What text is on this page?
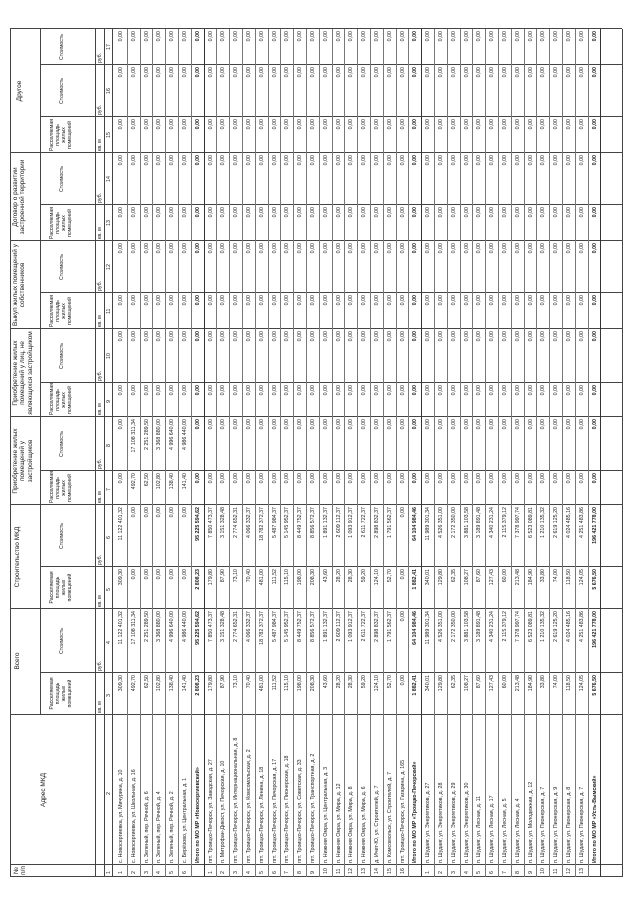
№ п/п
Адрес МКД
Всего
Строительство МКД
Приобретение жилых помещений у застройщиков
Приобретение жилых помещений у лиц, не являющихся застройщиком
Выкуп жилых помещений у собственников
Договор о развитии застроенной территории
Другое
Расселяемая площадь жилых помещений
Стоимость
Расселяемая площадь жилых помещений
Стоимость
Расселяемая площадь жилых помещений
Стоимость
Расселяемая площадь жилых помещений
Стоимость
Расселяемая площадь жилых помещений
Стоимость
Расселяемая площадь жилых помещений
Стоимость
Расселяемая площадь жилых помещений
Стоимость
Стоимость
кв. м
руб.
кв. м
руб.
кв. м
руб.
кв. м
руб.
кв. м
руб.
кв. м
руб.
кв. м
руб.
руб.
1
2
3
4
5
6
7
8
9
10
11
12
13
14
15
16
17
1
с. Новосергиевка, ул. Мичурина, д. 10
309,30
11 122 401,32
309,30
11 122 401,32
0,00
0,00
0,00
0,00
0,00
0,00
0,00
0,00
0,00
0,00
0,00
2
с. Новосергиевка, ул. Школьная, д. 16
492,70
17 108 311,34
0,00
0,00
492,70
17 108 311,34
0,00
0,00
0,00
0,00
0,00
0,00
0,00
0,00
0,00
3
п. Зеленый, пер. Речной, д. 6
62,50
2 251 289,50
0,00
0,00
62,50
2 251 289,50
0,00
0,00
0,00
0,00
0,00
0,00
0,00
0,00
0,00
4
п. Зеленый, пер. Речной, д. 4
102,80
3 368 880,00
0,00
0,00
102,80
3 368 880,00
0,00
0,00
0,00
0,00
0,00
0,00
0,00
0,00
0,00
5
п. Зеленый, пер. Речной, д. 2
138,40
4 996 640,00
0,00
0,00
138,40
4 996 640,00
0,00
0,00
0,00
0,00
0,00
0,00
0,00
0,00
0,00
6
с. Берёзово, ул. Центральная, д. 1
141,40
4 986 440,00
0,00
0,00
141,40
4 986 440,00
0,00
0,00
0,00
0,00
0,00
0,00
0,00
0,00
0,00
Итого по МО МР «Новосергиевский»
2 808,23
95 225 594,62
2 808,23
95 225 594,62
0,00
0,00
0,00
0,00
0,00
0,00
0,00
0,00
0,00
0,00
0,00
1
пгт. Троицко-Печорск, ул. Заводская, д. 27
179,80
7 850 473,37
179,80
7 850 473,37
0,00
0,00
0,00
0,00
0,00
0,00
0,00
0,00
0,00
0,00
0,00
2
п. Митрофан-Дикост, ул. Печорская, д. 10
87,90
3 151 328,48
87,90
3 151 328,48
0,00
0,00
0,00
0,00
0,00
0,00
0,00
0,00
0,00
0,00
0,00
3
пгт. Троицко-Печорск, ул. Интернациональная, д. 8
73,10
2 774 652,31
73,10
2 774 652,31
0,00
0,00
0,00
0,00
0,00
0,00
0,00
0,00
0,00
0,00
0,00
4
пгт. Троицко-Печорск, ул. Комсомольская, д. 2
70,40
4 066 332,37
70,40
4 066 332,37
0,00
0,00
0,00
0,00
0,00
0,00
0,00
0,00
0,00
0,00
0,00
5
пгт. Троицко-Печорск, ул. Ленина, д. 18
481,00
18 782 372,37
481,00
18 782 372,37
0,00
0,00
0,00
0,00
0,00
0,00
0,00
0,00
0,00
0,00
0,00
6
пгт. Троицко-Печорск, ул. Печорская, д. 17
111,52
5 487 984,37
111,52
5 487 984,37
0,00
0,00
0,00
0,00
0,00
0,00
0,00
0,00
0,00
0,00
0,00
7
пгт. Троицко-Печорск, ул. Пионерская, д. 18
115,10
5 145 952,37
115,10
5 145 952,37
0,00
0,00
0,00
0,00
0,00
0,00
0,00
0,00
0,00
0,00
0,00
8
пгт. Троицко-Печорск, ул. Советская, д. 33
198,00
8 449 752,37
198,00
8 449 752,37
0,00
0,00
0,00
0,00
0,00
0,00
0,00
0,00
0,00
0,00
0,00
9
пгт. Троицко-Печорск, ул. Транспортная, д. 2
208,30
8 856 572,37
208,30
8 856 572,37
0,00
0,00
0,00
0,00
0,00
0,00
0,00
0,00
0,00
0,00
0,00
10
п. Нижняя Омра, ул. Центральная, д. 3
43,60
1 891 132,37
43,60
1 891 132,37
0,00
0,00
0,00
0,00
0,00
0,00
0,00
0,00
0,00
0,00
0,00
11
п. Нижняя Омра, ул. Мира, д. 12
28,20
2 609 112,37
28,20
2 609 112,37
0,00
0,00
0,00
0,00
0,00
0,00
0,00
0,00
0,00
0,00
0,00
12
п. Нижняя Омра, ул. Мира, д. 8
28,30
1 093 912,37
28,30
1 093 912,37
0,00
0,00
0,00
0,00
0,00
0,00
0,00
0,00
0,00
0,00
0,00
13
п. Нижняя Омра, ул. Мира, д. 6
59,20
2 611 722,37
59,20
2 611 722,37
0,00
0,00
0,00
0,00
0,00
0,00
0,00
0,00
0,00
0,00
0,00
14
д. Ичет-Ю, ул. Строителей, д. 7
124,10
2 898 832,37
124,10
2 898 832,37
0,00
0,00
0,00
0,00
0,00
0,00
0,00
0,00
0,00
0,00
0,00
15
п. Комсомольск, ул. Строителей, д. 7
52,70
1 791 562,37
52,70
1 791 562,37
0,00
0,00
0,00
0,00
0,00
0,00
0,00
0,00
0,00
0,00
0,00
16
пгт. Троицко-Печорск, ул. Гагарина, д. 165
0,00
0,00
0,00
0,00
0,00
0,00
0,00
0,00
0,00
0,00
0,00
0,00
0,00
0,00
0,00
Итого по МО МР «Троицко-Печорский»
1 882,41
64 104 984,46
1 882,41
64 104 984,46
0,00
0,00
0,00
0,00
0,00
0,00
0,00
0,00
0,00
0,00
0,00
1
п. Шудаяг, ул. Энергетиков, д. 27
340,01
11 989 301,34
340,01
11 989 301,34
0,00
0,00
0,00
0,00
0,00
0,00
0,00
0,00
0,00
0,00
0,00
2
п. Шудаяг, ул. Энергетиков, д. 28
129,80
4 526 351,00
129,80
4 526 351,00
0,00
0,00
0,00
0,00
0,00
0,00
0,00
0,00
0,00
0,00
0,00
3
п. Шудаяг, ул. Энергетиков, д. 29
62,35
2 172 350,00
62,35
2 172 350,00
0,00
0,00
0,00
0,00
0,00
0,00
0,00
0,00
0,00
0,00
0,00
4
п. Шудаяг, ул. Энергетиков, д. 30
108,27
3 881 103,58
108,27
3 881 103,58
0,00
0,00
0,00
0,00
0,00
0,00
0,00
0,00
0,00
0,00
0,00
5
п. Шудаяг, ул. Лесная, д. 11
87,60
3 189 891,48
87,60
3 189 891,48
0,00
0,00
0,00
0,00
0,00
0,00
0,00
0,00
0,00
0,00
0,00
6
п. Шудаяг, ул. Лесная, д. 17
127,43
4 340 231,24
127,43
4 340 231,24
0,00
0,00
0,00
0,00
0,00
0,00
0,00
0,00
0,00
0,00
0,00
7
п. Шудаяг, ул. Лесная, д. 5
60,00
2 115 379,12
60,00
2 115 379,12
0,00
0,00
0,00
0,00
0,00
0,00
0,00
0,00
0,00
0,00
0,00
8
п. Шудаяг, ул. Лесная, д. 4
213,48
7 378 997,74
213,48
7 378 997,74
0,00
0,00
0,00
0,00
0,00
0,00
0,00
0,00
0,00
0,00
0,00
9
п. Шудаяг, ул. Молодежная, д. 12
184,90
6 523 089,81
184,90
6 523 089,81
0,00
0,00
0,00
0,00
0,00
0,00
0,00
0,00
0,00
0,00
0,00
10
п. Шудаяг, ул. Пионерская, д. 7
33,80
1 210 135,32
33,80
1 210 135,32
0,00
0,00
0,00
0,00
0,00
0,00
0,00
0,00
0,00
0,00
0,00
11
п. Шудаяг, ул. Пионерская, д. 9
74,00
2 619 125,20
74,00
2 619 125,20
0,00
0,00
0,00
0,00
0,00
0,00
0,00
0,00
0,00
0,00
0,00
12
п. Шудаяг, ул. Пионерская, д. 8
118,50
4 024 485,16
118,50
4 024 485,16
0,00
0,00
0,00
0,00
0,00
0,00
0,00
0,00
0,00
0,00
0,00
13
п. Шудаяг, ул. Пионерская, д. 7
124,05
4 251 483,86
124,05
4 251 483,86
0,00
0,00
0,00
0,00
0,00
0,00
0,00
0,00
0,00
0,00
0,00
Итого по МО МР «Усть-Вымский»
5 676,50
196 421 778,00
5 676,50
196 421 778,00
0,00
0,00
0,00
0,00
0,00
0,00
0,00
0,00
0,00
0,00
0,00
